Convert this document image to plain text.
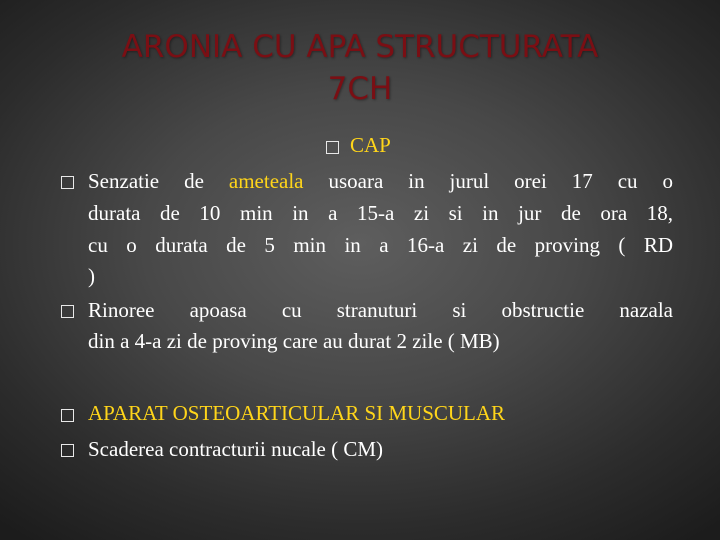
ARONIA CU APA STRUCTURATA
7CH
CAP
Senzatie de ameteala usoara in jurul orei 17 cu o
durata de 10 min in a 15-a zi si in jur de ora 18,
cu o durata de 5 min in a 16-a zi de proving ( RD
)
Rinoree apoasa cu stranuturi si obstructie nazala
din a 4-a zi de proving care au durat 2 zile ( MB)
APARAT OSTEOARTICULAR SI MUSCULAR
Scaderea contracturii nucale ( CM)
